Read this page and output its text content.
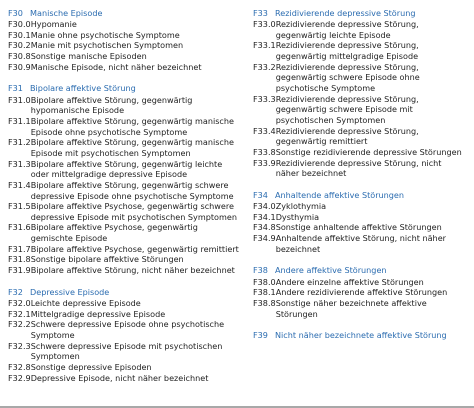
F30 Manische Episode
F30.0 Hypomanie
F30.1 Manie ohne psychotische Symptome
F30.2 Manie mit psychotischen Symptomen
F30.8 Sonstige manische Episoden
F30.9 Manische Episode, nicht näher bezeichnet
F31 Bipolare affektive Störung
F31.0 Bipolare affektive Störung, gegenwärtig hypomanische Episode
F31.1 Bipolare affektive Störung, gegenwärtig manische Episode ohne psychotische Symptome
F31.2 Bipolare affektive Störung, gegenwärtig manische Episode mit psychotischen Symptomen
F31.3 Bipolare affektive Störung, gegenwärtig leichte oder mittelgradige depressive Episode
F31.4 Bipolare affektive Störung, gegenwärtig schwere depressive Episode ohne psychotische Symptome
F31.5 Bipolare affektive Psychose, gegenwärtig schwere depressive Episode mit psychotischen Symptomen
F31.6 Bipolare affektive Psychose, gegenwärtig gemischte Episode
F31.7 Bipolare affektive Psychose, gegenwärtig remittiert
F31.8 Sonstige bipolare affektive Störungen
F31.9 Bipolare affektive Störung, nicht näher bezeichnet
F32 Depressive Episode
F32.0 Leichte depressive Episode
F32.1 Mittelgradige depressive Episode
F32.2 Schwere depressive Episode ohne psychotische Symptome
F32.3 Schwere depressive Episode mit psychotischen Symptomen
F32.8 Sonstige depressive Episoden
F32.9 Depressive Episode, nicht näher bezeichnet
F33 Rezidivierende depressive Störung
F33.0 Rezidivierende depressive Störung, gegenwärtig leichte Episode
F33.1 Rezidivierende depressive Störung, gegenwärtig mittelgradige Episode
F33.2 Rezidivierende depressive Störung, gegenwärtig schwere Episode ohne psychotische Symptome
F33.3 Rezidivierende depressive Störung, gegenwärtig schwere Episode mit psychotischen Symptomen
F33.4 Rezidivierende depressive Störung, gegenwärtig remittiert
F33.8 Sonstige rezidivierende depressive Störungen
F33.9 Rezidivierende depressive Störung, nicht näher bezeichnet
F34 Anhaltende affektive Störungen
F34.0 Zyklothymia
F34.1 Dysthymia
F34.8 Sonstige anhaltende affektive Störungen
F34.9 Anhaltende affektive Störung, nicht näher bezeichnet
F38 Andere affektive Störungen
F38.0 Andere einzelne affektive Störungen
F38.1 Andere rezidivierende affektive Störungen
F38.8 Sonstige näher bezeichnete affektive Störungen
F39 Nicht näher bezeichnete affektive Störung
